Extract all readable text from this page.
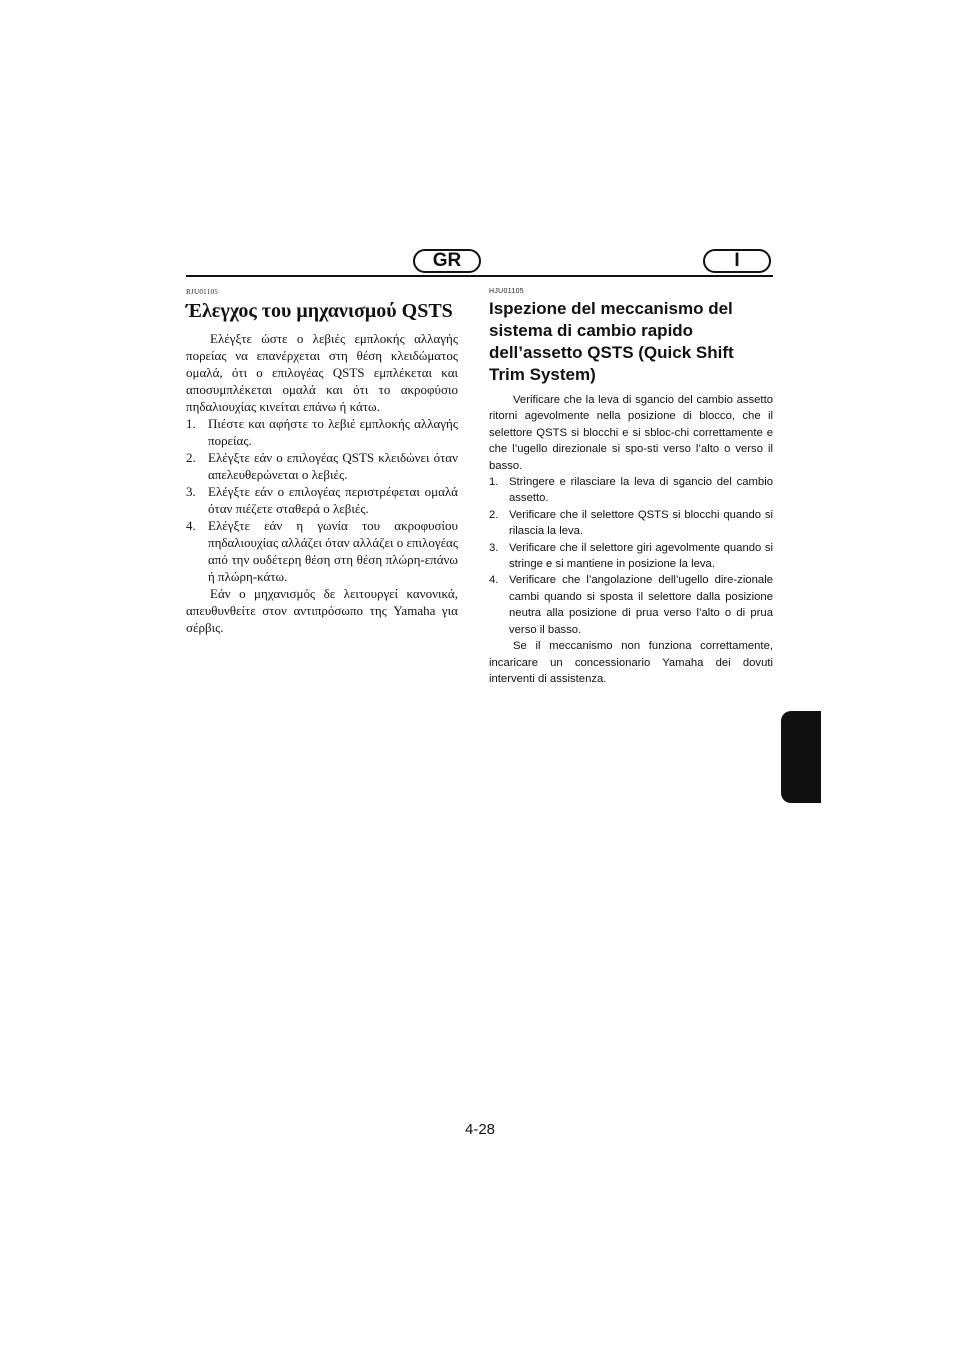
GR	I
RJU01105
Έλεγχος του μηχανισμού QSTS

Ελέγξτε ώστε ο λεβιές εμπλοκής αλλαγής πορείας να επανέρχεται στη θέση κλειδώματος ομαλά, ότι ο επιλογέας QSTS εμπλέκεται και αποσυμπλέκεται ομαλά και ότι το ακροφύσιο πηδαλιουχίας κινείται επάνω ή κάτω.

1. Πιέστε και αφήστε το λεβιέ εμπλοκής αλλαγής πορείας.
2. Ελέγξτε εάν ο επιλογέας QSTS κλειδώνει όταν απελευθερώνεται ο λεβιές.
3. Ελέγξτε εάν ο επιλογέας περιστρέφεται ομαλά όταν πιέζετε σταθερά ο λεβιές.
4. Ελέγξτε εάν η γωνία του ακροφυσίου πηδαλιουχίας αλλάζει όταν αλλάζει ο επιλογέας από την ουδέτερη θέση στη θέση πλώρη-επάνω ή πλώρη-κάτω.

Εάν ο μηχανισμός δε λειτουργεί κανονικά, απευθυνθείτε στον αντιπρόσωπο της Yamaha για σέρβις.

HJU01105
Ispezione del meccanismo del
sistema di cambio rapido
dell’assetto QSTS (Quick Shift
Trim System)

Verificare che la leva di sgancio del cambio assetto ritorni agevolmente nella posizione di blocco, che il selettore QSTS si blocchi e si sbloc-chi correttamente e che l’ugello direzionale si spo-sti verso l’alto o verso il basso.

1. Stringere e rilasciare la leva di sgancio del cambio assetto.
2. Verificare che il selettore QSTS si blocchi quando si rilascia la leva.
3. Verificare che il selettore giri agevolmente quando si stringe e si mantiene in posizione la leva.
4. Verificare che l’angolazione dell’ugello dire-zionale cambi quando si sposta il selettore dalla posizione neutra alla posizione di prua verso l’alto o di prua verso il basso.

Se il meccanismo non funziona correttamente, incaricare un concessionario Yamaha dei dovuti interventi di assistenza.

4-28
